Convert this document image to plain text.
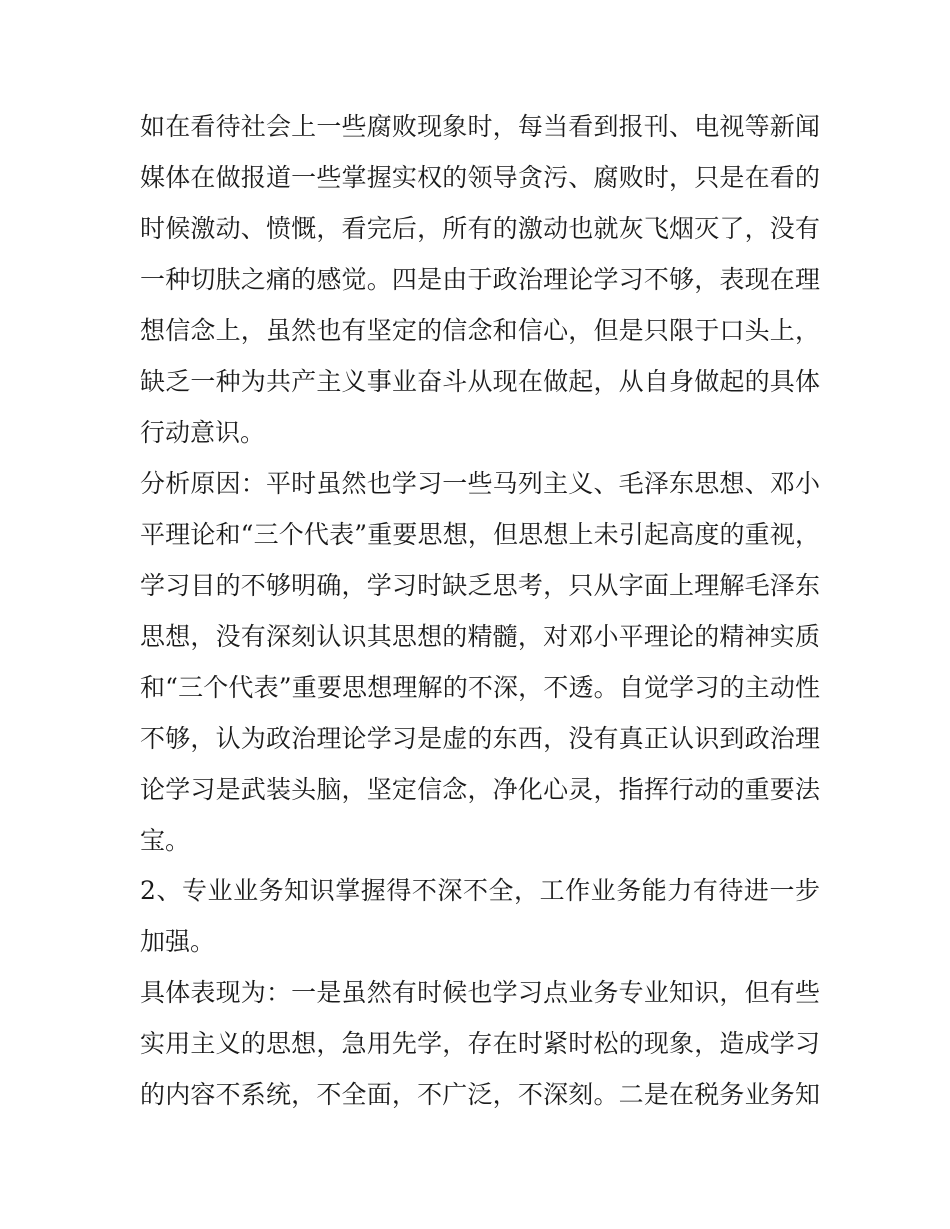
如在看待社会上一些腐败现象时，每当看到报刊、电视等新闻
媒体在做报道一些掌握实权的领导贪污、腐败时，只是在看的
时候激动、愤慨，看完后，所有的激动也就灰飞烟灭了，没有
一种切肤之痛的感觉。四是由于政治理论学习不够，表现在理
想信念上，虽然也有坚定的信念和信心，但是只限于口头上，
缺乏一种为共产主义事业奋斗从现在做起，从自身做起的具体
行动意识。
分析原因：平时虽然也学习一些马列主义、毛泽东思想、邓小
平理论和“三个代表”重要思想，但思想上未引起高度的重视，
学习目的不够明确，学习时缺乏思考，只从字面上理解毛泽东
思想，没有深刻认识其思想的精髓，对邓小平理论的精神实质
和“三个代表”重要思想理解的不深，不透。自觉学习的主动性
不够，认为政治理论学习是虚的东西，没有真正认识到政治理
论学习是武装头脑，坚定信念，净化心灵，指挥行动的重要法
宝。
2、专业业务知识掌握得不深不全，工作业务能力有待进一步
加强。
具体表现为：一是虽然有时候也学习点业务专业知识，但有些
实用主义的思想，急用先学，存在时紧时松的现象，造成学习
的内容不系统，不全面，不广泛，不深刻。二是在税务业务知
